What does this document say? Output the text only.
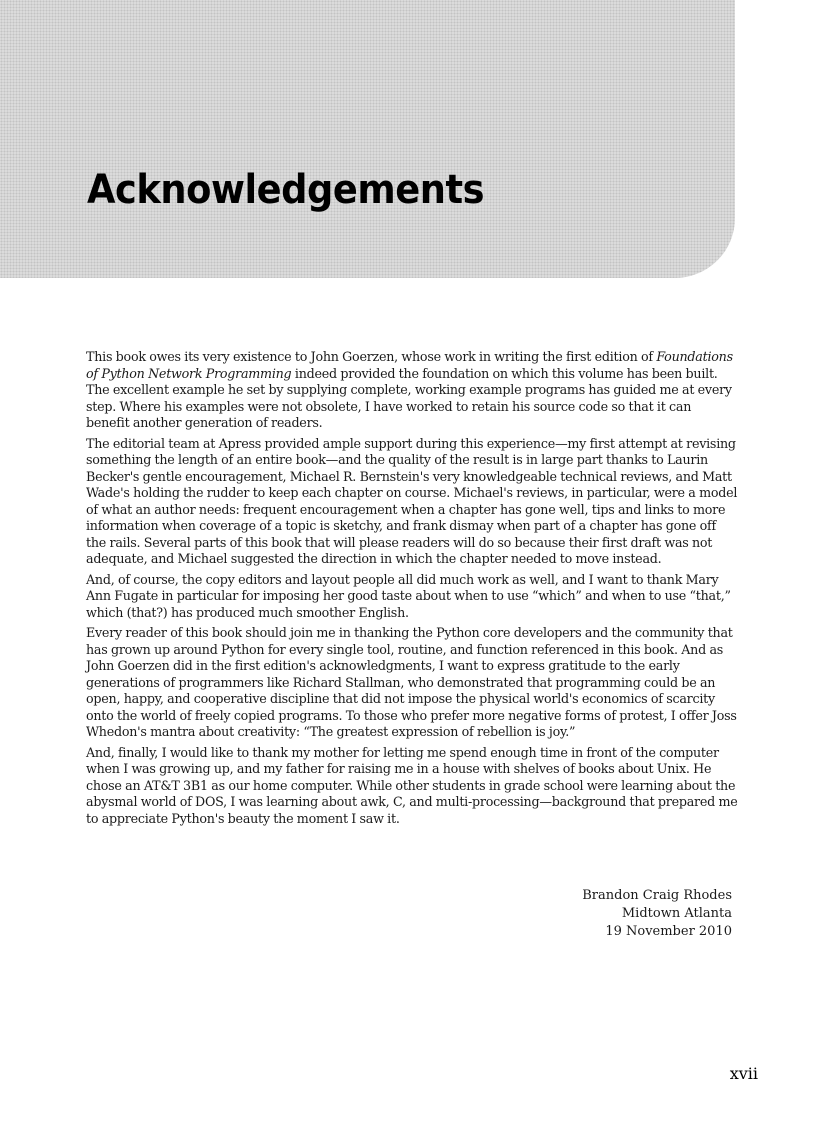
Acknowledgements

This book owes its very existence to John Goerzen, whose work in writing the first edition of Foundations of Python Network Programming indeed provided the foundation on which this volume has been built. The excellent example he set by supplying complete, working example programs has guided me at every step. Where his examples were not obsolete, I have worked to retain his source code so that it can benefit another generation of readers.

The editorial team at Apress provided ample support during this experience—my first attempt at revising something the length of an entire book—and the quality of the result is in large part thanks to Laurin Becker's gentle encouragement, Michael R. Bernstein's very knowledgeable technical reviews, and Matt Wade's holding the rudder to keep each chapter on course. Michael's reviews, in particular, were a model of what an author needs: frequent encouragement when a chapter has gone well, tips and links to more information when coverage of a topic is sketchy, and frank dismay when part of a chapter has gone off the rails. Several parts of this book that will please readers will do so because their first draft was not adequate, and Michael suggested the direction in which the chapter needed to move instead.

And, of course, the copy editors and layout people all did much work as well, and I want to thank Mary Ann Fugate in particular for imposing her good taste about when to use “which” and when to use “that,” which (that?) has produced much smoother English.

Every reader of this book should join me in thanking the Python core developers and the community that has grown up around Python for every single tool, routine, and function referenced in this book. And as John Goerzen did in the first edition's acknowledgments, I want to express gratitude to the early generations of programmers like Richard Stallman, who demonstrated that programming could be an open, happy, and cooperative discipline that did not impose the physical world's economics of scarcity onto the world of freely copied programs. To those who prefer more negative forms of protest, I offer Joss Whedon's mantra about creativity: “The greatest expression of rebellion is joy.”

And, finally, I would like to thank my mother for letting me spend enough time in front of the computer when I was growing up, and my father for raising me in a house with shelves of books about Unix. He chose an AT&T 3B1 as our home computer. While other students in grade school were learning about the abysmal world of DOS, I was learning about awk, C, and multi-processing—background that prepared me to appreciate Python's beauty the moment I saw it.

Brandon Craig Rhodes
Midtown Atlanta
19 November 2010
xvii
